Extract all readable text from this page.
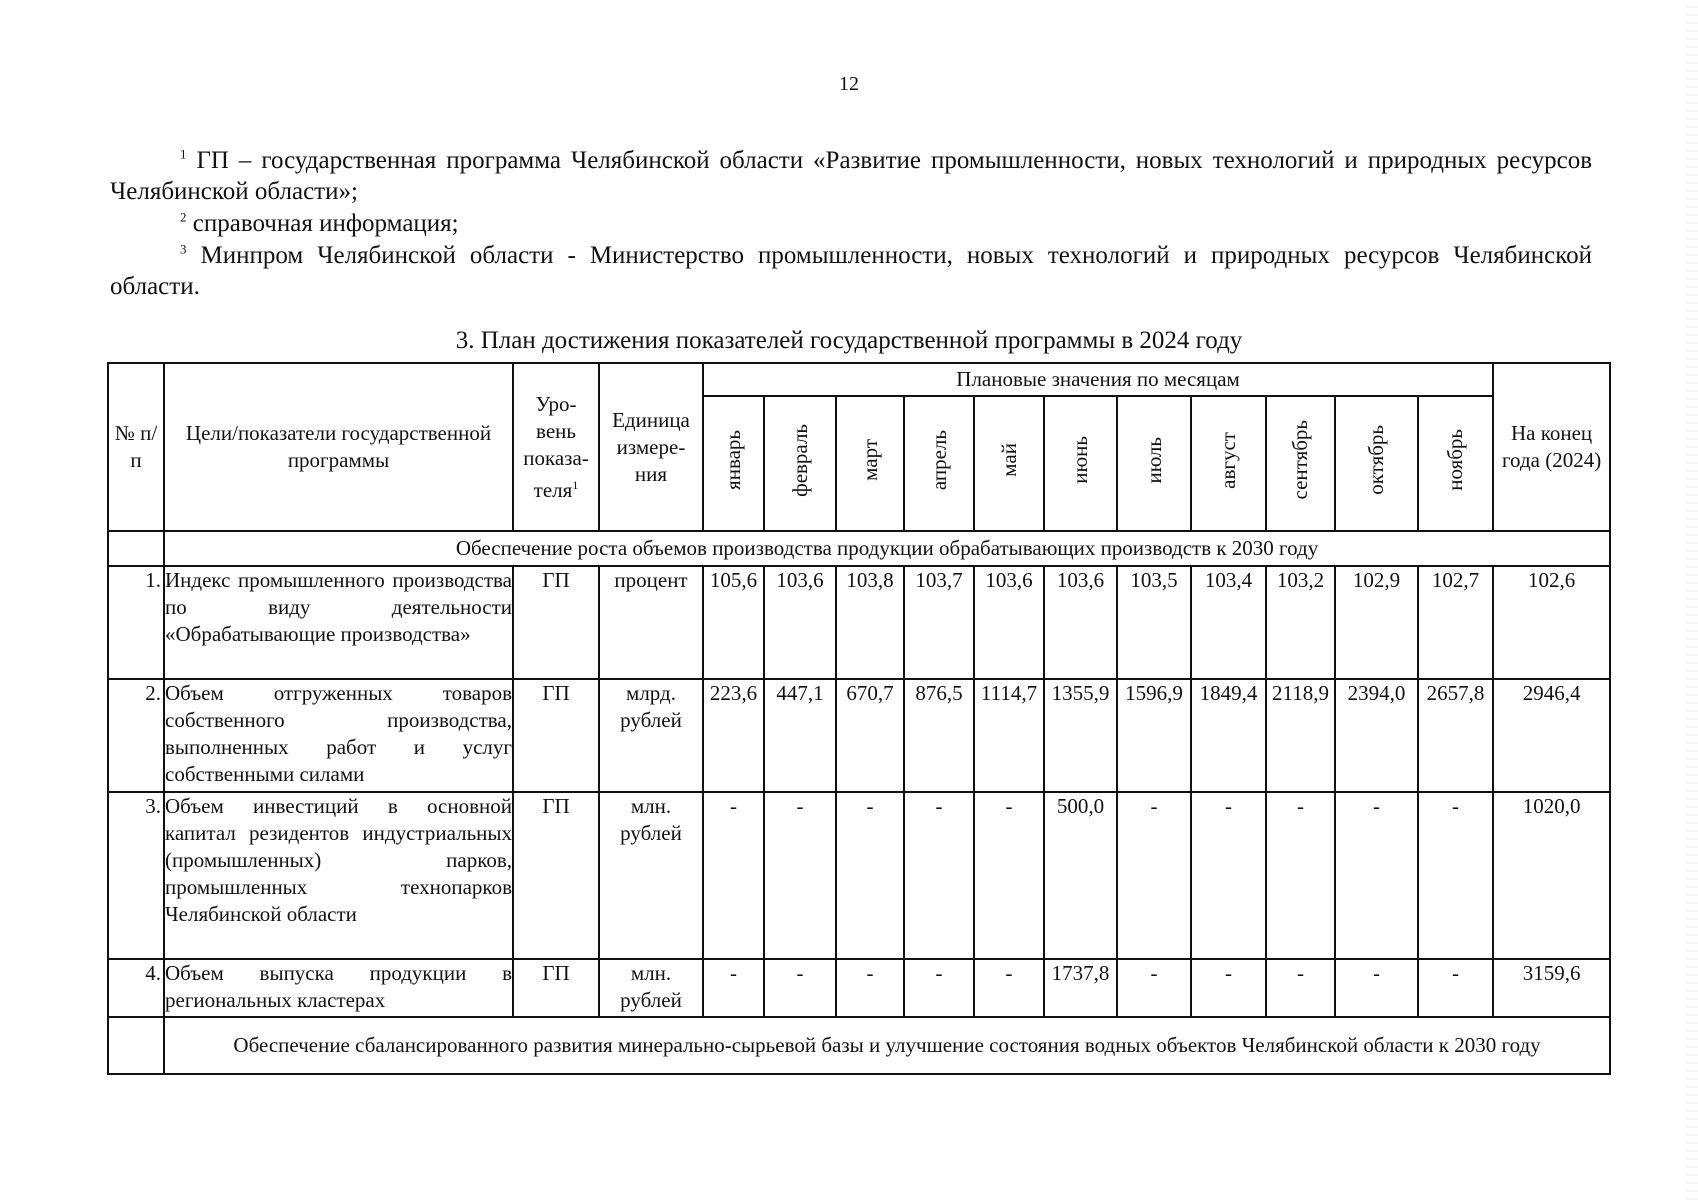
12
$^1$ ГП – государственная программа Челябинской области «Развитие промышленности, новых технологий и природных ресурсов Челябинской области»;
$^2$ справочная информация;
$^3$ Минпром Челябинской области - Министерство промышленности, новых технологий и природных ресурсов Челябинской области.
3. План достижения показателей государственной программы в 2024 году
№ п/п	Цели/показатели государственной программы	Уро-вень показа-теля$^1$	Единица измере-ния	Плановые значения по месяцам											На конец года (2024)
				январь	февраль	март	апрель	май	июнь	июль	август	сентябрь	октябрь	ноябрь	
	Обеспечение роста объемов производства продукции обрабатывающих производств к 2030 году														
1.	Индекс промышленного производства по виду деятельности «Обрабатывающие производства»	ГП	процент	105,6	103,6	103,8	103,7	103,6	103,6	103,5	103,4	103,2	102,9	102,7	102,6
2.	Объем отгруженных товаров собственного производства, выполненных работ и услуг собственными силами	ГП	млрд. рублей	223,6	447,1	670,7	876,5	1114,7	1355,9	1596,9	1849,4	2118,9	2394,0	2657,8	2946,4
3.	Объем инвестиций в основной капитал резидентов индустриальных (промышленных) парков, промышленных технопарков Челябинской области	ГП	млн. рублей	-	-	-	-	-	500,0	-	-	-	-	-	1020,0
4.	Объем выпуска продукции в региональных кластерах	ГП	млн. рублей	-	-	-	-	-	1737,8	-	-	-	-	-	3159,6
	Обеспечение сбалансированного развития минерально-сырьевой базы и улучшение состояния водных объектов Челябинской области к 2030 году														
